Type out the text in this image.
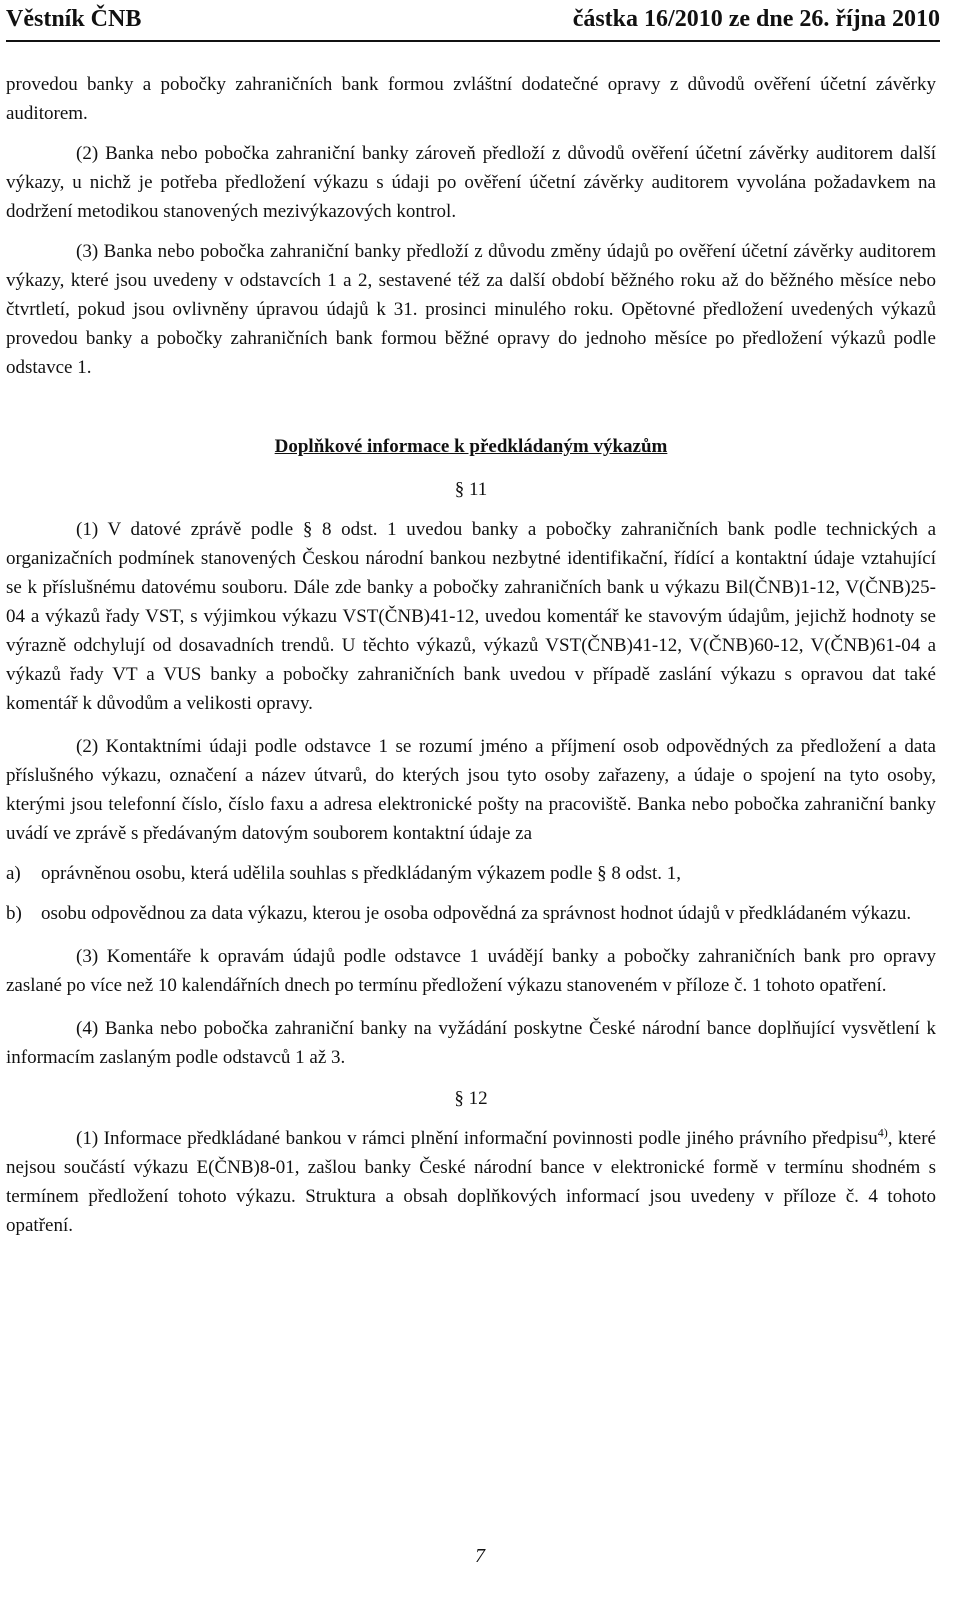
Věstník ČNB	částka 16/2010 ze dne 26. října 2010

provedou banky a pobočky zahraničních bank formou zvláštní dodatečné opravy z důvodů ověření účetní závěrky auditorem.

(2) Banka nebo pobočka zahraniční banky zároveň předloží z důvodů ověření účetní závěrky auditorem další výkazy, u nichž je potřeba předložení výkazu s údaji po ověření účetní závěrky auditorem vyvolána požadavkem na dodržení metodikou stanovených mezivýkazových kontrol.

(3) Banka nebo pobočka zahraniční banky předloží z důvodu změny údajů po ověření účetní závěrky auditorem výkazy, které jsou uvedeny v odstavcích 1 a 2, sestavené též za další období běžného roku až do běžného měsíce nebo čtvrtletí, pokud jsou ovlivněny úpravou údajů k 31. prosinci minulého roku. Opětovné předložení uvedených výkazů provedou banky a pobočky zahraničních bank formou běžné opravy do jednoho měsíce po předložení výkazů podle odstavce 1.

Doplňkové informace k předkládaným výkazům

§ 11

(1) V datové zprávě podle § 8 odst. 1 uvedou banky a pobočky zahraničních bank podle technických a organizačních podmínek stanovených Českou národní bankou nezbytné identifikační, řídící a kontaktní údaje vztahující se k příslušnému datovému souboru. Dále zde banky a pobočky zahraničních bank u výkazu Bil(ČNB)1-12, V(ČNB)25-04 a výkazů řady VST, s výjimkou výkazu VST(ČNB)41-12, uvedou komentář ke stavovým údajům, jejichž hodnoty se výrazně odchylují od dosavadních trendů. U těchto výkazů, výkazů VST(ČNB)41-12, V(ČNB)60-12, V(ČNB)61-04 a výkazů řady VT a VUS banky a pobočky zahraničních bank uvedou v případě zaslání výkazu s opravou dat také komentář k důvodům a velikosti opravy.

(2) Kontaktními údaji podle odstavce 1 se rozumí jméno a příjmení osob odpovědných za předložení a data příslušného výkazu, označení a název útvarů, do kterých jsou tyto osoby zařazeny, a údaje o spojení na tyto osoby, kterými jsou telefonní číslo, číslo faxu a adresa elektronické pošty na pracoviště. Banka nebo pobočka zahraniční banky uvádí ve zprávě s předávaným datovým souborem kontaktní údaje za

a) oprávněnou osobu, která udělila souhlas s předkládaným výkazem podle § 8 odst. 1,

b) osobu odpovědnou za data výkazu, kterou je osoba odpovědná za správnost hodnot údajů v předkládaném výkazu.

(3) Komentáře k opravám údajů podle odstavce 1 uvádějí banky a pobočky zahraničních bank pro opravy zaslané po více než 10 kalendářních dnech po termínu předložení výkazu stanoveném v příloze č. 1 tohoto opatření.

(4) Banka nebo pobočka zahraniční banky na vyžádání poskytne České národní bance doplňující vysvětlení k informacím zaslaným podle odstavců 1 až 3.

§ 12

(1) Informace předkládané bankou v rámci plnění informační povinnosti podle jiného právního předpisu$^{4)}$, které nejsou součástí výkazu E(ČNB)8-01, zašlou banky České národní bance v elektronické formě v termínu shodném s termínem předložení tohoto výkazu. Struktura a obsah doplňkových informací jsou uvedeny v příloze č. 4 tohoto opatření.

7
